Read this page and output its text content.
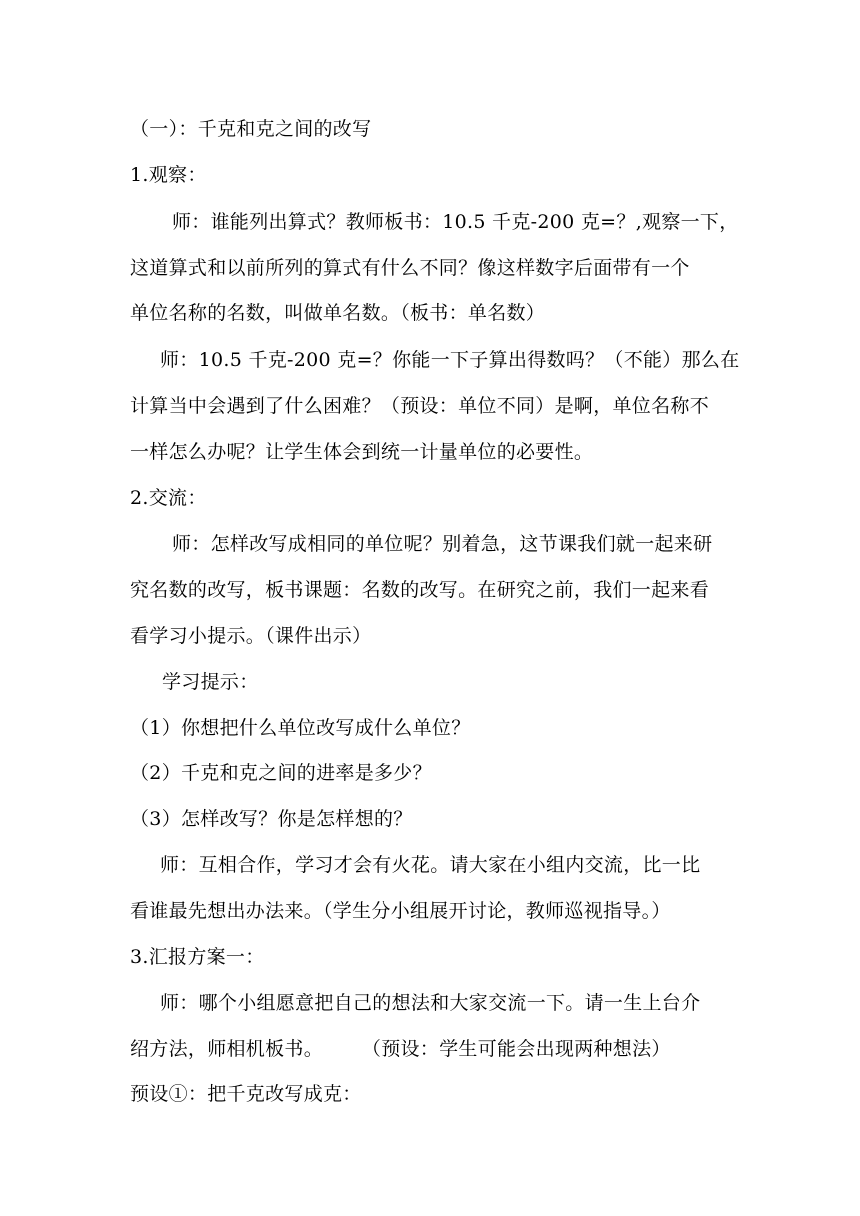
（一）：千克和克之间的改写
1.观察：
师：谁能列出算式？教师板书：10.5 千克-200 克=？,观察一下，
这道算式和以前所列的算式有什么不同？像这样数字后面带有一个
单位名称的名数，叫做单名数。（板书：单名数）
师：10.5 千克-200 克=？你能一下子算出得数吗？（不能）那么在
计算当中会遇到了什么困难？（预设：单位不同）是啊，单位名称不
一样怎么办呢？让学生体会到统一计量单位的必要性。
2.交流：
师：怎样改写成相同的单位呢？别着急，这节课我们就一起来研
究名数的改写，板书课题：名数的改写。在研究之前，我们一起来看
看学习小提示。（课件出示）
学习提示：
（1）你想把什么单位改写成什么单位？
（2）千克和克之间的进率是多少？
（3）怎样改写？你是怎样想的？
师：互相合作，学习才会有火花。请大家在小组内交流，比一比
看谁最先想出办法来。（学生分小组展开讨论，教师巡视指导。）
3.汇报方案一：
师：哪个小组愿意把自己的想法和大家交流一下。请一生上台介
绍方法，师相机板书。　　　（预设：学生可能会出现两种想法）
预设①：把千克改写成克：
